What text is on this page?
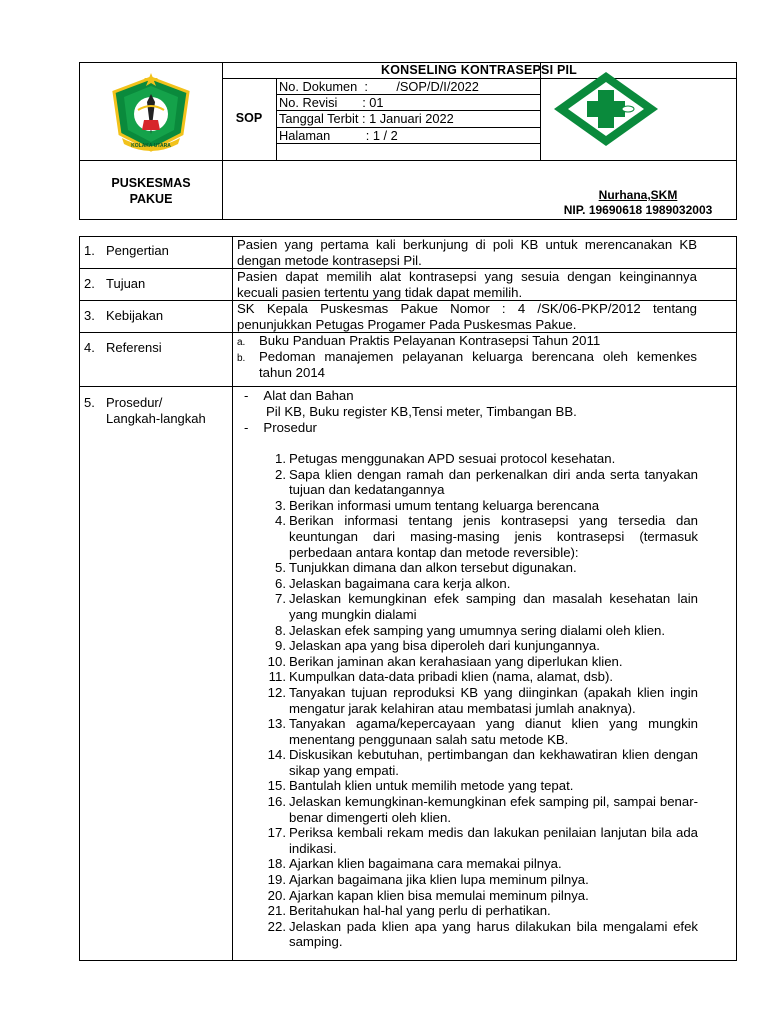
KOLAKA UTARA
KONSELING KONTRASEPSI PIL
SOP
No. Dokumen  :        /SOP/D/I/2022
No. Revisi       : 01
Tanggal Terbit : 1 Januari 2022
Halaman          : 1 / 2
PUSKESMAS
PAKUE	Nurhana,SKM
NIP. 19690618 1989032003
1. Pengertian	Pasien yang pertama kali berkunjung di poli KB untuk merencanakan KB dengan metode kontrasepsi Pil.
2. Tujuan	Pasien dapat memilih alat kontrasepsi yang sesuia dengan keinginannya kecuali pasien tertentu yang tidak dapat memilih.
3. Kebijakan	SK Kepala Puskesmas Pakue Nomor : 4 /SK/06-PKP/2012 tentang penunjukkan Petugas Progamer Pada Puskesmas Pakue.
4. Referensi	a.	Buku Panduan Praktis Pelayanan Kontrasepsi Tahun 2011
b.	Pedoman manajemen pelayanan keluarga berencana oleh kemenkes tahun 2014
5. Prosedur/
Langkah-langkah
- Alat dan Bahan
Pil KB, Buku register KB,Tensi meter, Timbangan BB.
- Prosedur
1. Petugas menggunakan APD sesuai protocol kesehatan.
2. Sapa klien dengan ramah dan perkenalkan diri anda serta tanyakan tujuan dan kedatangannya
3. Berikan informasi umum tentang keluarga berencana
4. Berikan informasi tentang jenis kontrasepsi yang tersedia dan keuntungan dari masing-masing jenis kontrasepsi (termasuk perbedaan antara kontap dan metode reversible):
5. Tunjukkan dimana dan alkon tersebut digunakan.
6. Jelaskan bagaimana cara kerja alkon.
7. Jelaskan kemungkinan efek samping dan masalah kesehatan lain yang mungkin dialami
8. Jelaskan efek samping yang umumnya sering dialami oleh klien.
9. Jelaskan apa yang bisa diperoleh dari kunjungannya.
10. Berikan jaminan akan kerahasiaan yang diperlukan klien.
11. Kumpulkan data-data pribadi klien (nama, alamat, dsb).
12. Tanyakan tujuan reproduksi KB yang diinginkan (apakah klien ingin mengatur jarak kelahiran atau membatasi jumlah anaknya).
13. Tanyakan agama/kepercayaan yang dianut klien yang mungkin menentang penggunaan salah satu metode KB.
14. Diskusikan kebutuhan, pertimbangan dan kekhawatiran klien dengan sikap yang empati.
15. Bantulah klien untuk memilih metode yang tepat.
16. Jelaskan kemungkinan-kemungkinan efek samping pil, sampai benar-benar dimengerti oleh klien.
17. Periksa kembali rekam medis dan lakukan penilaian lanjutan bila ada indikasi.
18. Ajarkan klien bagaimana cara memakai pilnya.
19. Ajarkan bagaimana jika klien lupa meminum pilnya.
20. Ajarkan kapan klien bisa memulai meminum pilnya.
21. Beritahukan hal-hal yang perlu di perhatikan.
22. Jelaskan pada klien apa yang harus dilakukan bila mengalami efek samping.
